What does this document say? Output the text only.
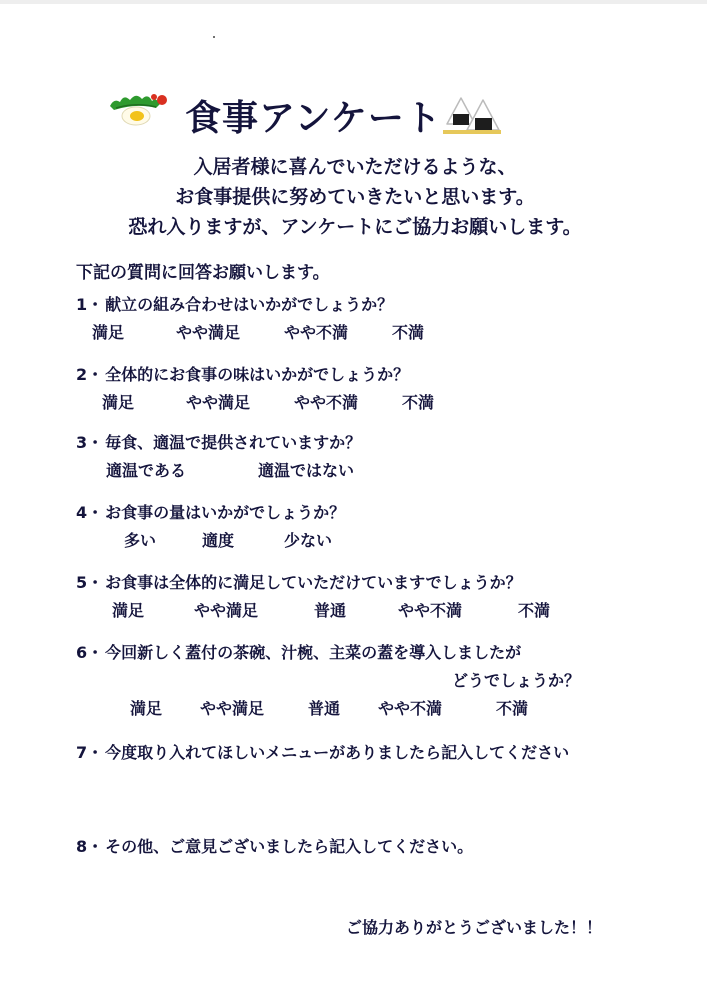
食事アンケート
入居者様に喜んでいただけるような、
お食事提供に努めていきたいと思います。
恐れ入りますが、アンケートにご協力お願いします。
下記の質問に回答お願いします。
1・ 献立の組み合わせはいかがでしょうか？
満足	やや満足	やや不満	不満
2・ 全体的にお食事の味はいかがでしょうか？
満足	やや満足	やや不満	不満
3・ 毎食、適温で提供されていますか？
適温である	適温ではない
4・ お食事の量はいかがでしょうか？
多い	適度	少ない
5・ お食事は全体的に満足していただけていますでしょうか？
満足	やや満足	普通	やや不満	不満
6・ 今回新しく蓋付の茶碗、汁椀、主菜の蓋を導入しましたが
どうでしょうか？
満足 やや満足	普通 やや不満	不満
7・ 今度取り入れてほしいメニューがありましたら記入してください
8・ その他、ご意見ございましたら記入してください。
ご協力ありがとうございました！！
